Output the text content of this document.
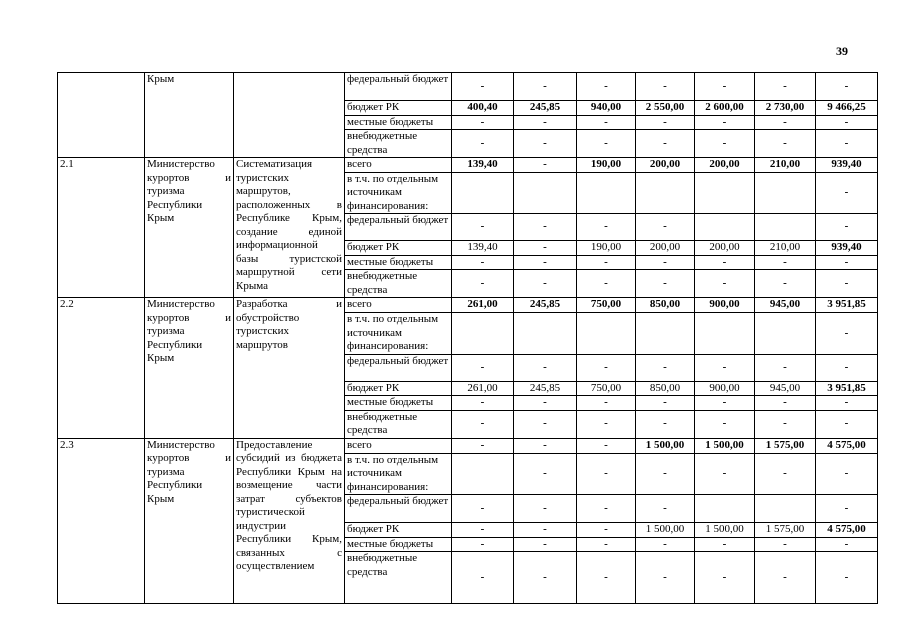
39
	Крым		федеральный бюджет	-	-	-	-	-	-	-
			бюджет РК	400,40	245,85	940,00	2 550,00	2 600,00	2 730,00	9 466,25
			местные бюджеты	-	-	-	-	-	-	-
			внебюджетные средства	-	-	-	-	-	-	-
2.1	Министерство курортов и туризма Республики Крым	Систематизация туристских маршрутов, расположенных в Республике Крым, создание единой информационной базы туристской маршрутной сети Крыма	всего	139,40	-	190,00	200,00	200,00	210,00	939,40
			в т.ч. по отдельным источникам финансирования:							-
			федеральный бюджет	-	-	-	-			-
			бюджет РК	139,40	-	190,00	200,00	200,00	210,00	939,40
			местные бюджеты	-	-	-	-	-	-	-
			внебюджетные средства	-	-	-	-	-	-	-
2.2	Министерство курортов и туризма Республики Крым	Разработка и обустройство туристских маршрутов	всего	261,00	245,85	750,00	850,00	900,00	945,00	3 951,85
			в т.ч. по отдельным источникам финансирования:							-
			федеральный бюджет	-	-	-	-	-	-	-
			бюджет РК	261,00	245,85	750,00	850,00	900,00	945,00	3 951,85
			местные бюджеты	-	-	-	-	-	-	-
			внебюджетные средства	-	-	-	-	-	-	-
2.3	Министерство курортов и туризма Республики Крым	Предоставление субсидий из бюджета Республики Крым на возмещение части затрат субъектов туристической индустрии Республики Крым, связанных с осуществлением	всего	-	-	-	1 500,00	1 500,00	1 575,00	4 575,00
			в т.ч. по отдельным источникам финансирования:		-	-	-	-	-	-
			федеральный бюджет	-	-	-	-			-
			бюджет РК	-	-	-	1 500,00	1 500,00	1 575,00	4 575,00
			местные бюджеты	-	-	-	-	-	-	-
			внебюджетные средства	-	-	-	-	-	-	-
